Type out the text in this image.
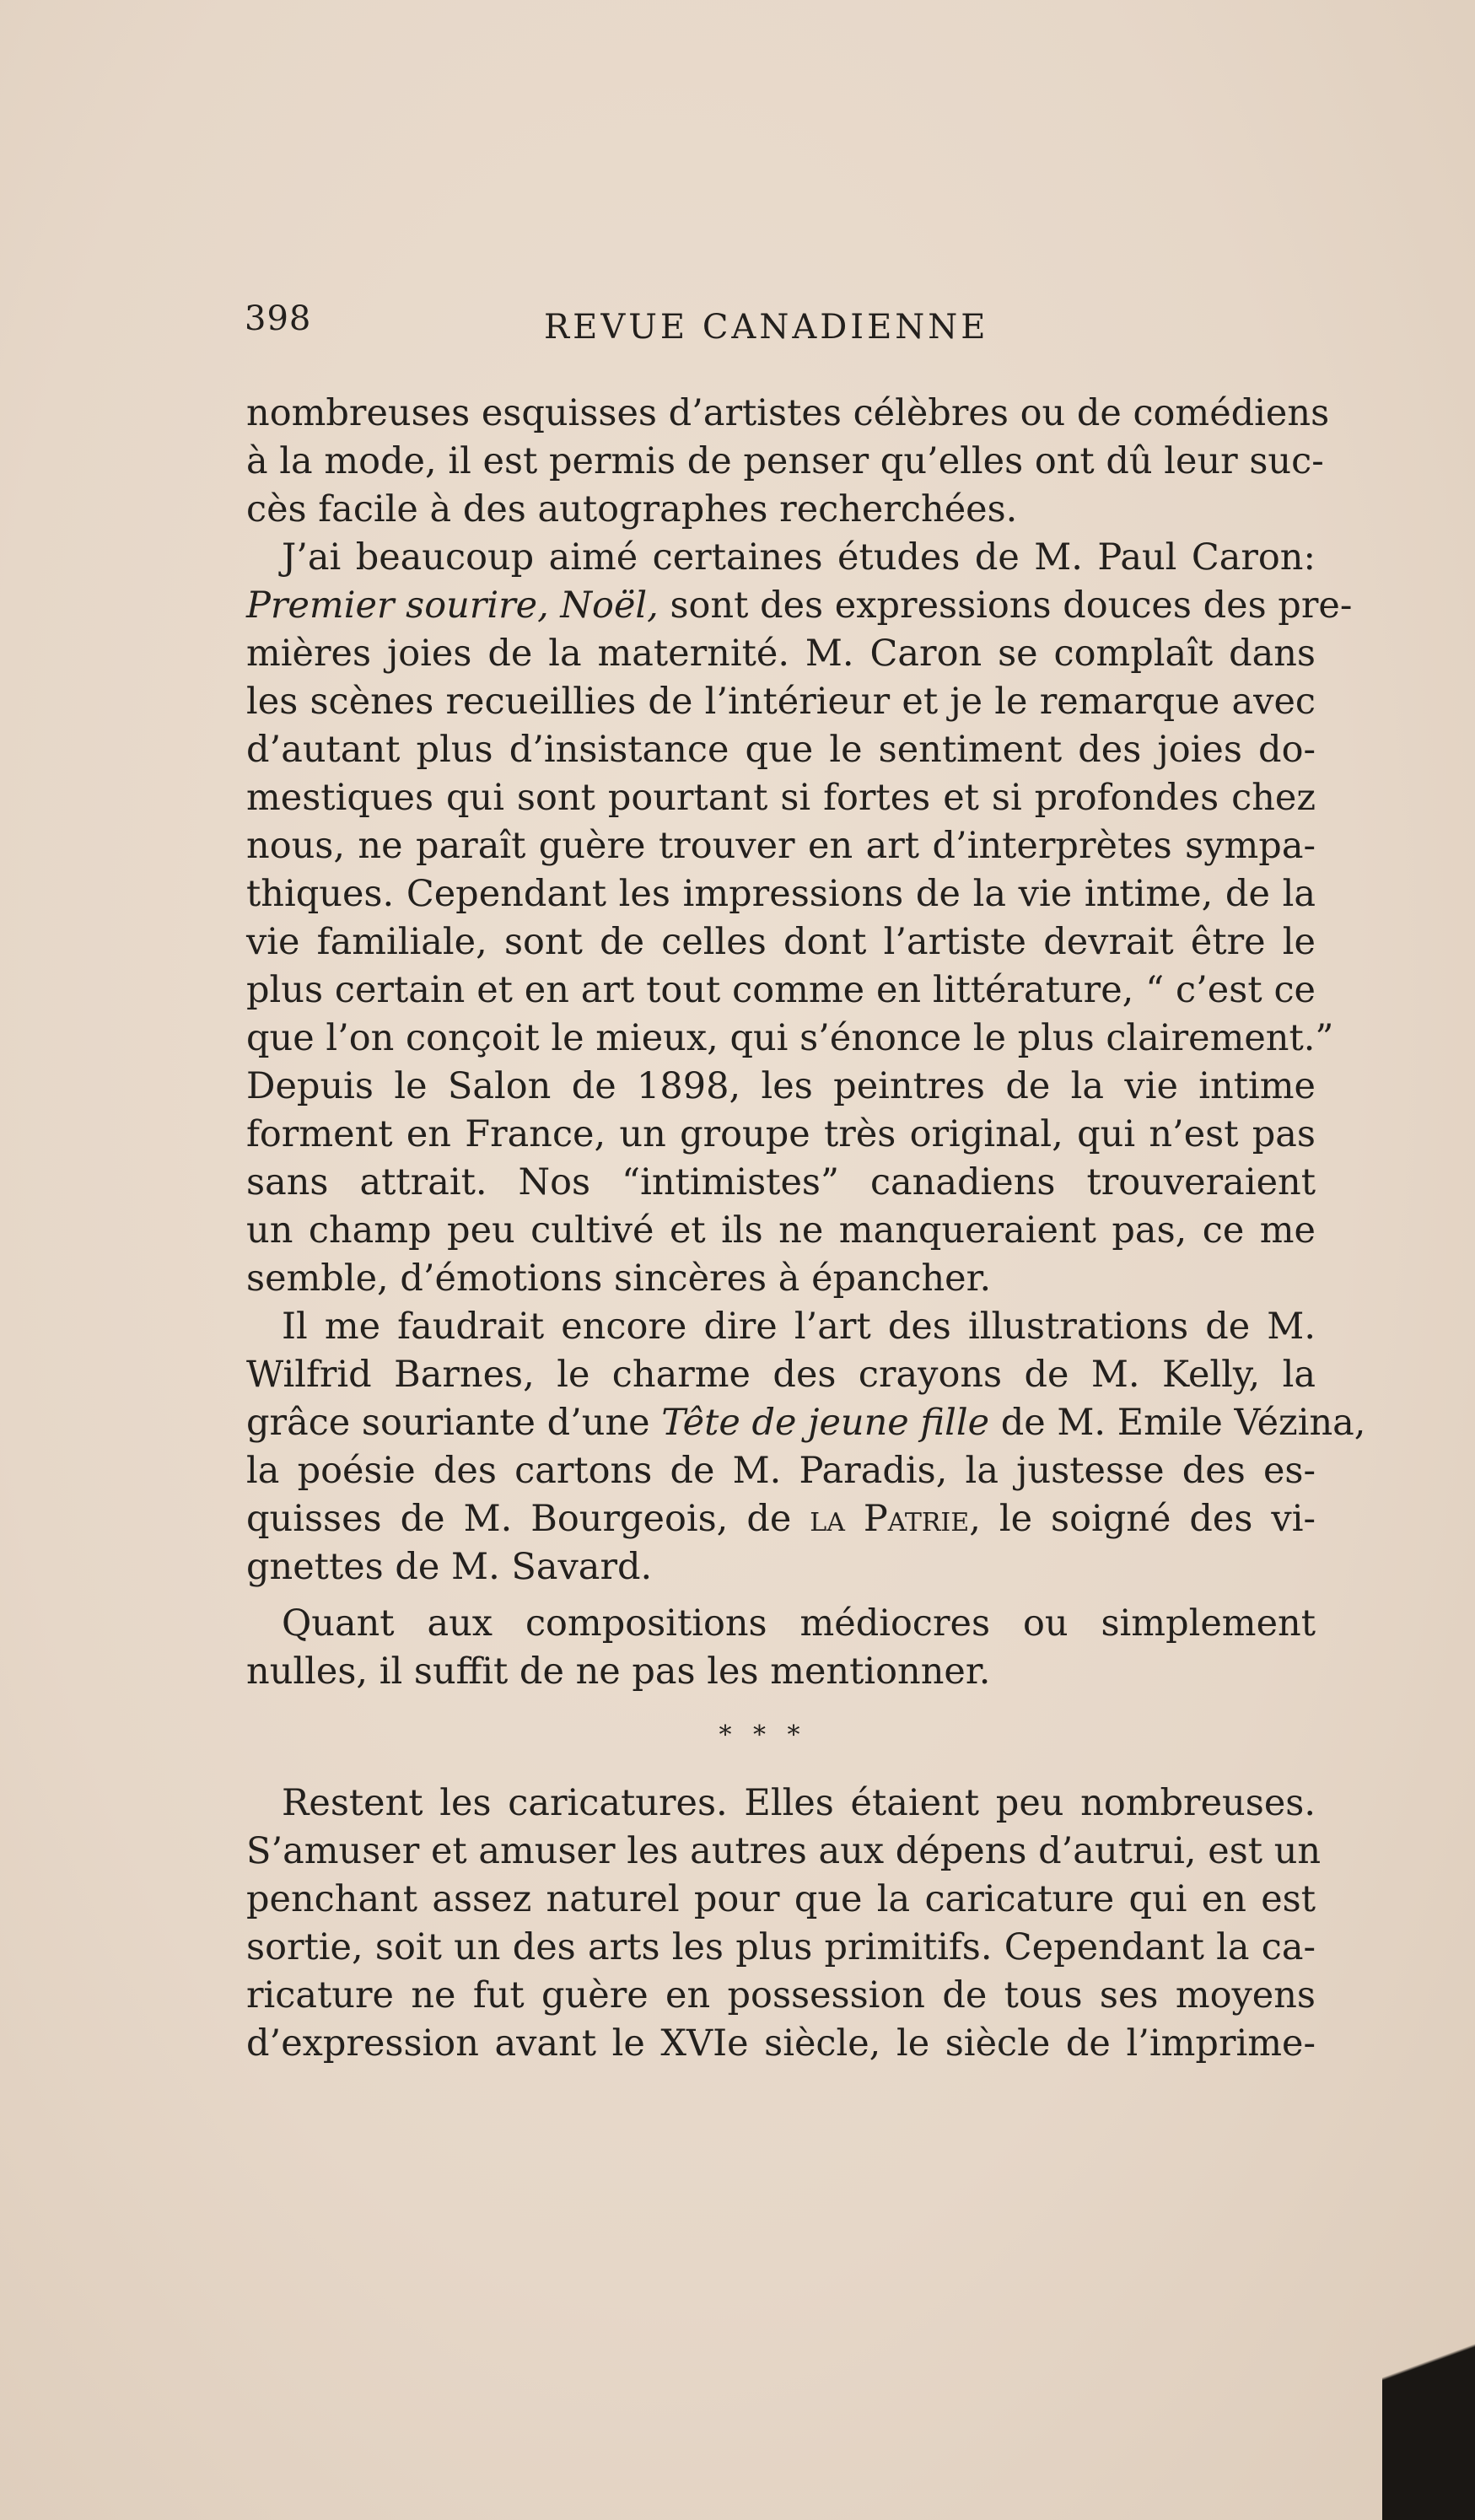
398	REVUE CANADIENNE
nombreuses esquisses d’artistes célèbres ou de comédiens
à la mode, il est permis de penser qu’elles ont dû leur suc-
cès facile à des autographes recherchées.
J’ai beaucoup aimé certaines études de M. Paul Caron:
Premier sourire, Noël, sont des expressions douces des pre-
mières joies de la maternité. M. Caron se complaît dans
les scènes recueillies de l’intérieur et je le remarque avec
d’autant plus d’insistance que le sentiment des joies do-
mestiques qui sont pourtant si fortes et si profondes chez
nous, ne paraît guère trouver en art d’interprètes sympa-
thiques. Cependant les impressions de la vie intime, de la
vie familiale, sont de celles dont l’artiste devrait être le
plus certain et en art tout comme en littérature, “ c’est ce
que l’on conçoit le mieux, qui s’énonce le plus clairement.”
Depuis le Salon de 1898, les peintres de la vie intime
forment en France, un groupe très original, qui n’est pas
sans attrait. Nos “intimistes” canadiens trouveraient
un champ peu cultivé et ils ne manqueraient pas, ce me
semble, d’émotions sincères à épancher.
Il me faudrait encore dire l’art des illustrations de M.
Wilfrid Barnes, le charme des crayons de M. Kelly, la
grâce souriante d’une Tête de jeune fille de M. Emile Vézina,
la poésie des cartons de M. Paradis, la justesse des es-
quisses de M. Bourgeois, de la Patrie, le soigné des vi-
gnettes de M. Savard.
Quant aux compositions médiocres ou simplement
nulles, il suffit de ne pas les mentionner.
* * *
Restent les caricatures. Elles étaient peu nombreuses.
S’amuser et amuser les autres aux dépens d’autrui, est un
penchant assez naturel pour que la caricature qui en est
sortie, soit un des arts les plus primitifs. Cependant la ca-
ricature ne fut guère en possession de tous ses moyens
d’expression avant le XVIe siècle, le siècle de l’imprime-
